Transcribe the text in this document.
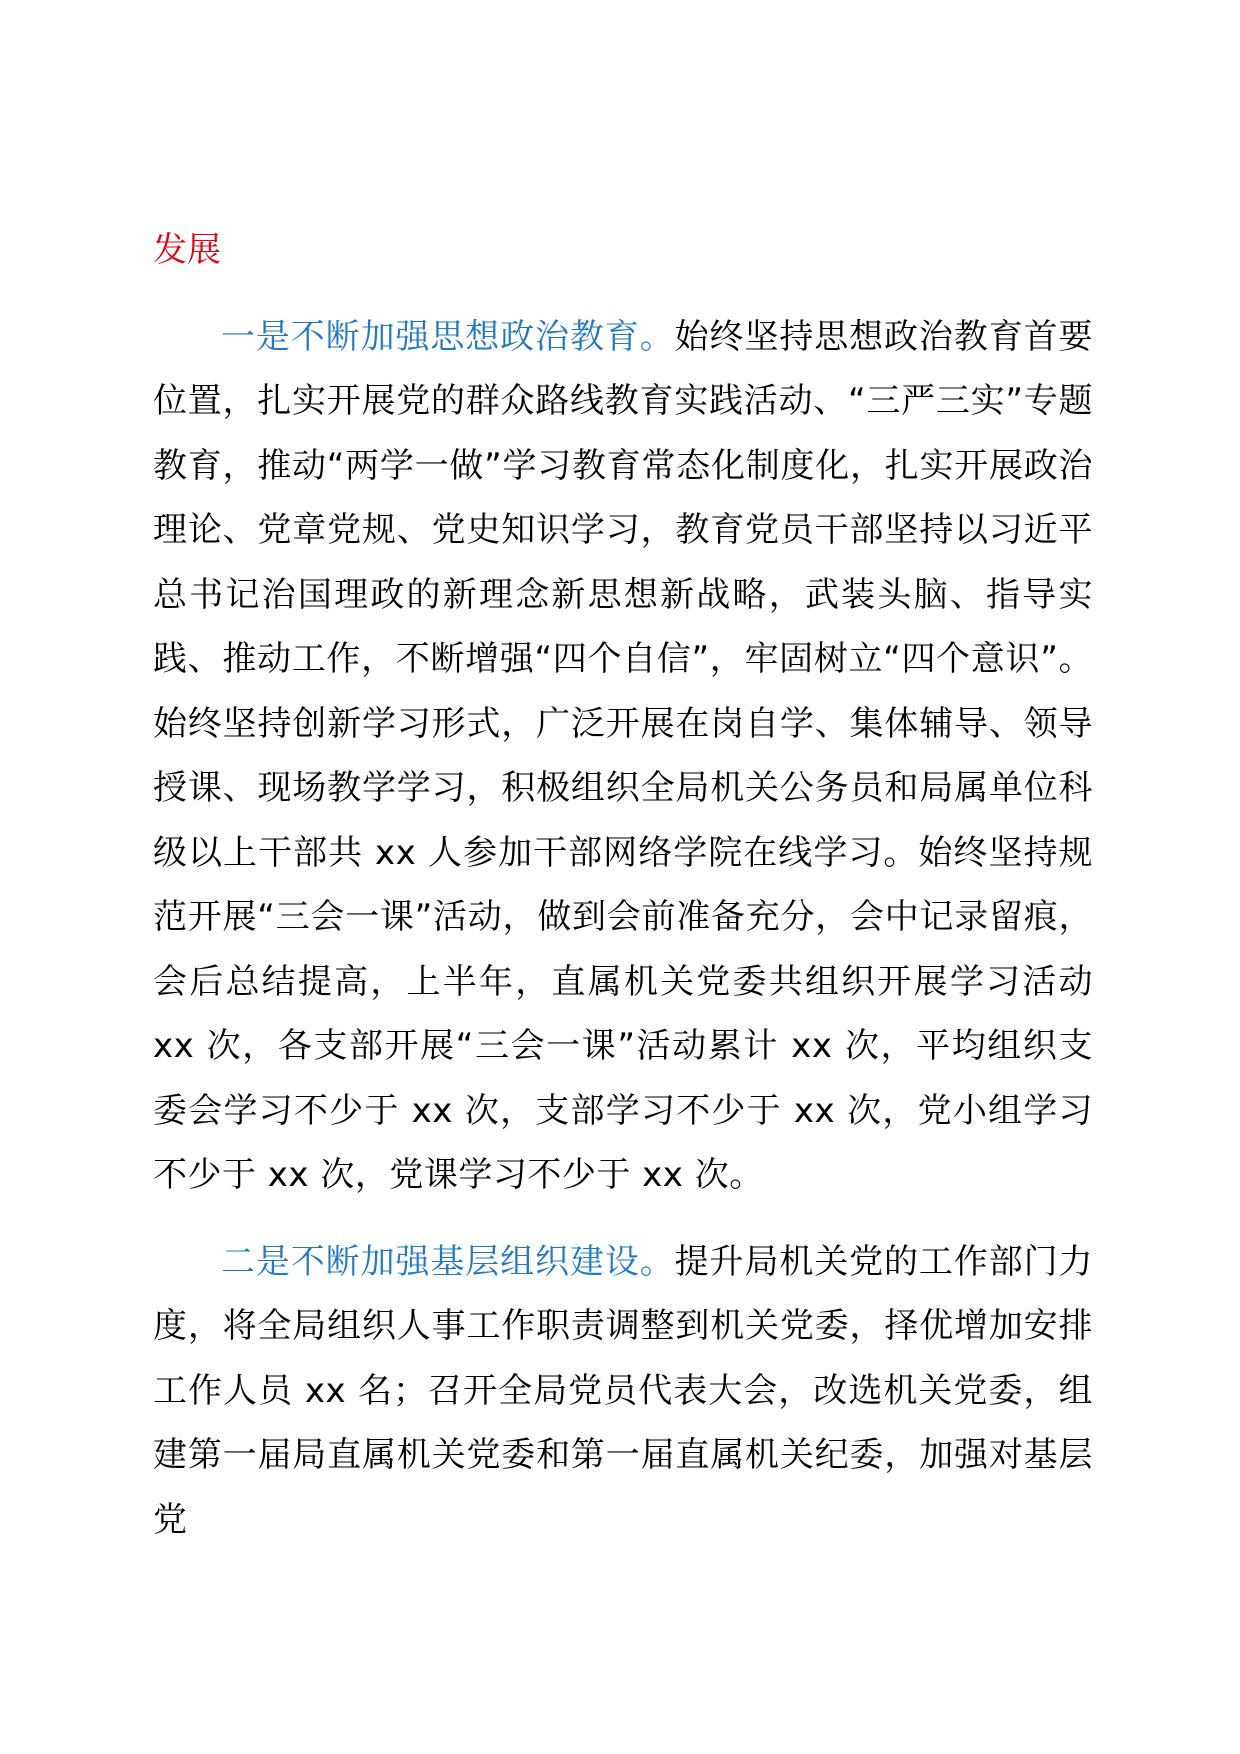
发展

一是不断加强思想政治教育。始终坚持思想政治教育首要位置，扎实开展党的群众路线教育实践活动、“三严三实”专题教育，推动“两学一做”学习教育常态化制度化，扎实开展政治理论、党章党规、党史知识学习，教育党员干部坚持以习近平总书记治国理政的新理念新思想新战略，武装头脑、指导实践、推动工作，不断增强“四个自信”，牢固树立“四个意识”。始终坚持创新学习形式，广泛开展在岗自学、集体辅导、领导授课、现场教学学习，积极组织全局机关公务员和局属单位科级以上干部共 xx 人参加干部网络学院在线学习。始终坚持规范开展“三会一课”活动，做到会前准备充分，会中记录留痕，会后总结提高，上半年，直属机关党委共组织开展学习活动 xx 次，各支部开展“三会一课”活动累计 xx 次，平均组织支委会学习不少于 xx 次，支部学习不少于 xx 次，党小组学习不少于 xx 次，党课学习不少于 xx 次。

二是不断加强基层组织建设。提升局机关党的工作部门力度，将全局组织人事工作职责调整到机关党委，择优增加安排工作人员 xx 名；召开全局党员代表大会，改选机关党委，组建第一届局直属机关党委和第一届直属机关纪委，加强对基层党
